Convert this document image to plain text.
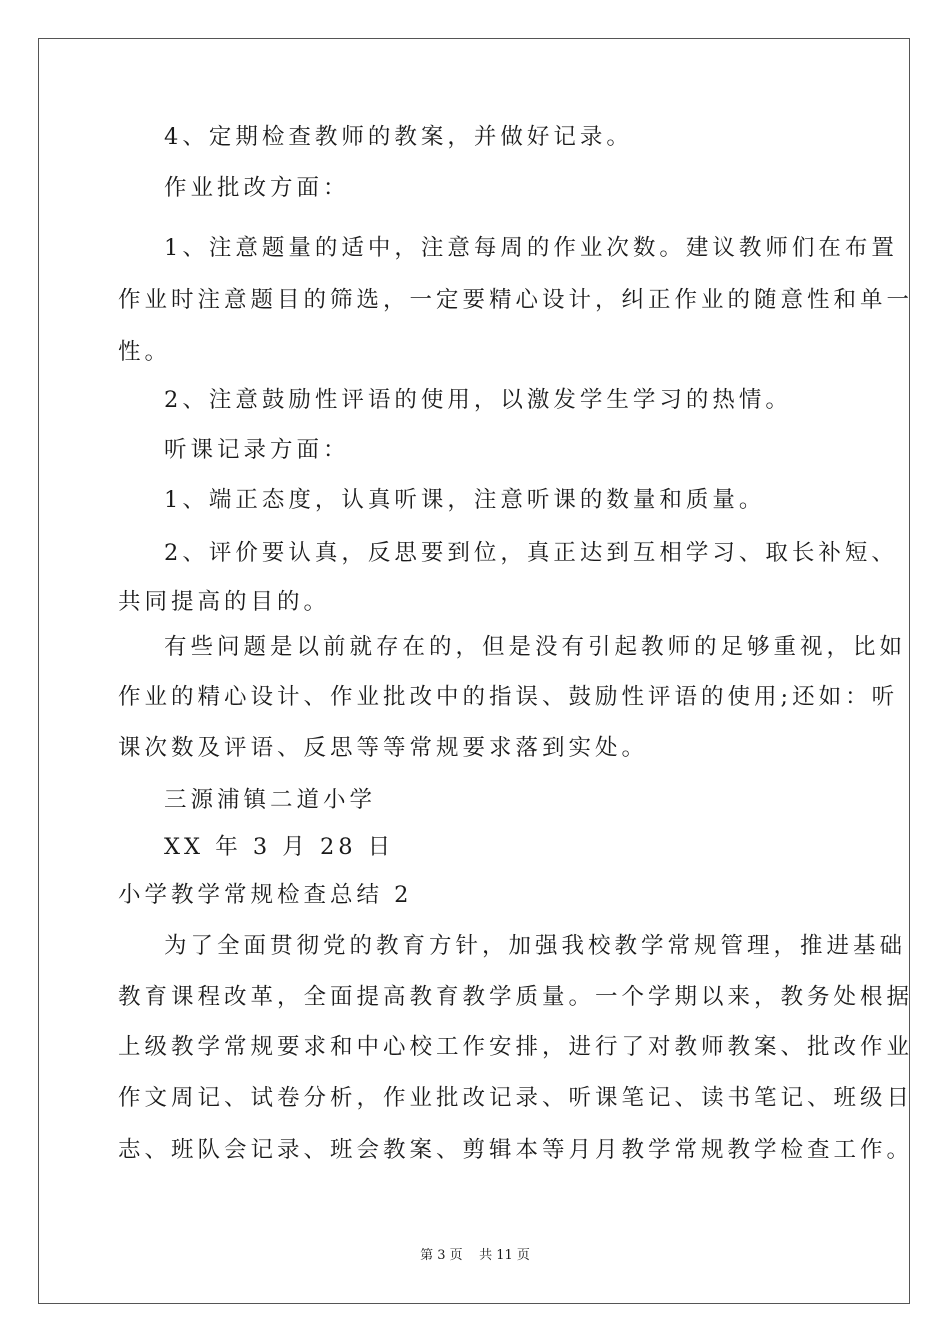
4、定期检查教师的教案，并做好记录。
作业批改方面：
1、注意题量的适中，注意每周的作业次数。建议教师们在布置
作业时注意题目的筛选，一定要精心设计，纠正作业的随意性和单一
性。
2、注意鼓励性评语的使用，以激发学生学习的热情。
听课记录方面：
1、端正态度，认真听课，注意听课的数量和质量。
2、评价要认真，反思要到位，真正达到互相学习、取长补短、
共同提高的目的。
有些问题是以前就存在的，但是没有引起教师的足够重视，比如
作业的精心设计、作业批改中的指误、鼓励性评语的使用;还如：听
课次数及评语、反思等等常规要求落到实处。
三源浦镇二道小学
XX 年 3 月 28 日
小学教学常规检查总结 2
为了全面贯彻党的教育方针，加强我校教学常规管理，推进基础
教育课程改革，全面提高教育教学质量。一个学期以来，教务处根据
上级教学常规要求和中心校工作安排，进行了对教师教案、批改作业
作文周记、试卷分析，作业批改记录、听课笔记、读书笔记、班级日
志、班队会记录、班会教案、剪辑本等月月教学常规教学检查工作。
第 3 页    共 11 页
